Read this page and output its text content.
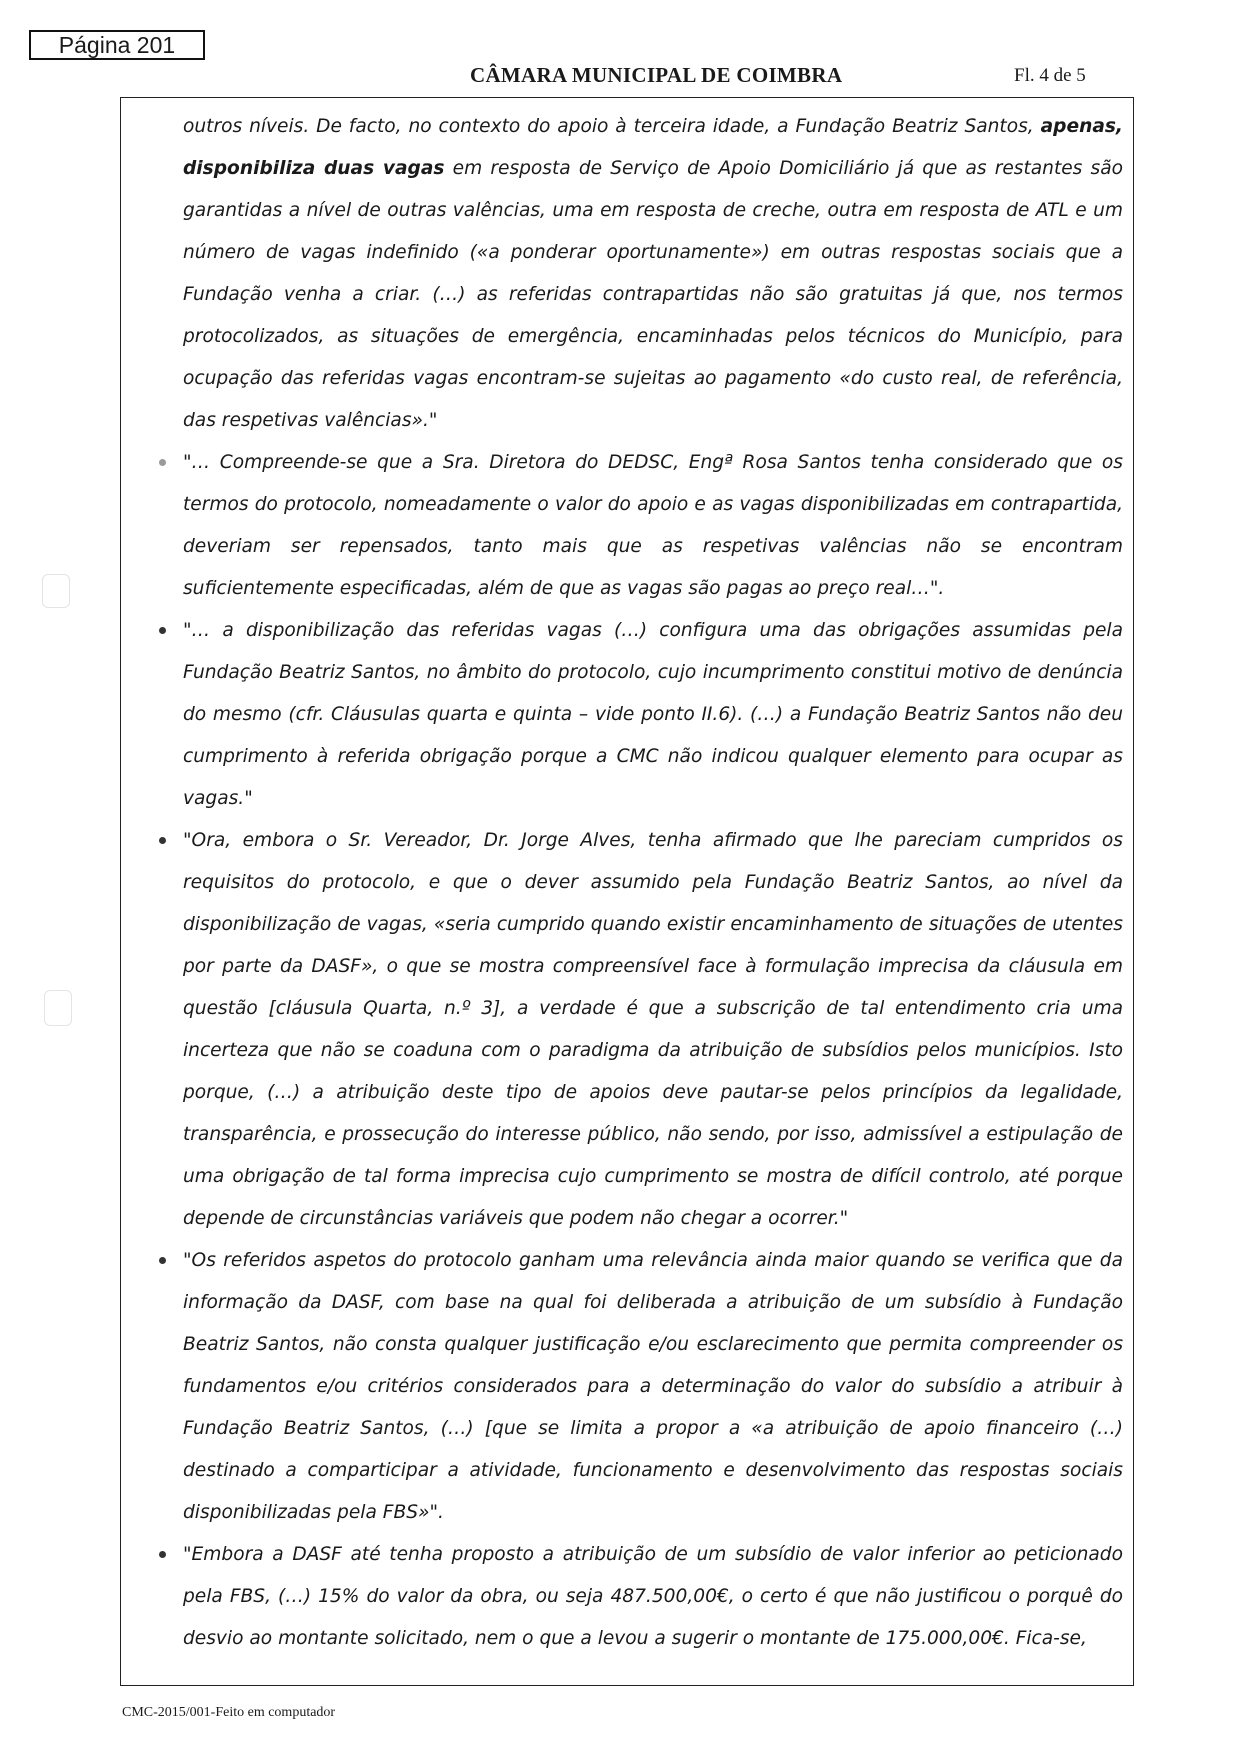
Página 201
CÂMARA MUNICIPAL DE COIMBRA	Fl. 4 de 5

outros níveis. De facto, no contexto do apoio à terceira idade, a Fundação Beatriz Santos, apenas, disponibiliza duas vagas em resposta de Serviço de Apoio Domiciliário já que as restantes são garantidas a nível de outras valências, uma em resposta de creche, outra em resposta de ATL e um número de vagas indefinido («a ponderar oportunamente») em outras respostas sociais que a Fundação venha a criar. (…) as referidas contrapartidas não são gratuitas já que, nos termos protocolizados, as situações de emergência, encaminhadas pelos técnicos do Município, para ocupação das referidas vagas encontram-se sujeitas ao pagamento «do custo real, de referência, das respetivas valências»."

"… Compreende-se que a Sra. Diretora do DEDSC, Engª Rosa Santos tenha considerado que os termos do protocolo, nomeadamente o valor do apoio e as vagas disponibilizadas em contrapartida, deveriam ser repensados, tanto mais que as respetivas valências não se encontram suficientemente especificadas, além de que as vagas são pagas ao preço real…".
"… a disponibilização das referidas vagas (…) configura uma das obrigações assumidas pela Fundação Beatriz Santos, no âmbito do protocolo, cujo incumprimento constitui motivo de denúncia do mesmo (cfr. Cláusulas quarta e quinta – vide ponto II.6). (…) a Fundação Beatriz Santos não deu cumprimento à referida obrigação porque a CMC não indicou qualquer elemento para ocupar as vagas."
"Ora, embora o Sr. Vereador, Dr. Jorge Alves, tenha afirmado que lhe pareciam cumpridos os requisitos do protocolo, e que o dever assumido pela Fundação Beatriz Santos, ao nível da disponibilização de vagas, «seria cumprido quando existir encaminhamento de situações de utentes por parte da DASF», o que se mostra compreensível face à formulação imprecisa da cláusula em questão [cláusula Quarta, n.º 3], a verdade é que a subscrição de tal entendimento cria uma incerteza que não se coaduna com o paradigma da atribuição de subsídios pelos municípios. Isto porque, (…) a atribuição deste tipo de apoios deve pautar-se pelos princípios da legalidade, transparência, e prossecução do interesse público, não sendo, por isso, admissível a estipulação de uma obrigação de tal forma imprecisa cujo cumprimento se mostra de difícil controlo, até porque depende de circunstâncias variáveis que podem não chegar a ocorrer."
"Os referidos aspetos do protocolo ganham uma relevância ainda maior quando se verifica que da informação da DASF, com base na qual foi deliberada a atribuição de um subsídio à Fundação Beatriz Santos, não consta qualquer justificação e/ou esclarecimento que permita compreender os fundamentos e/ou critérios considerados para a determinação do valor do subsídio a atribuir à Fundação Beatriz Santos, (…) [que se limita a propor a «a atribuição de apoio financeiro (…) destinado a comparticipar a atividade, funcionamento e desenvolvimento das respostas sociais disponibilizadas pela FBS»".
"Embora a DASF até tenha proposto a atribuição de um subsídio de valor inferior ao peticionado pela FBS, (…) 15% do valor da obra, ou seja 487.500,00€, o certo é que não justificou o porquê do desvio ao montante solicitado, nem o que a levou a sugerir o montante de 175.000,00€. Fica-se,
CMC-2015/001-Feito em computador
